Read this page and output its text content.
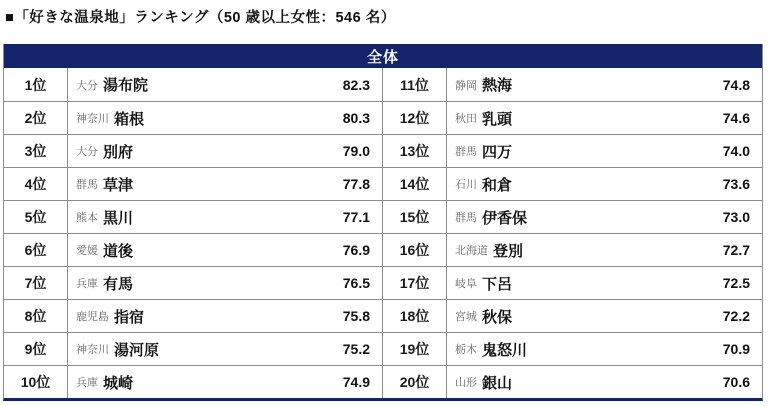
■「好きな温泉地」ランキング（50 歳以上女性：546 名）
全体
1位	大分 湯布院	82.3	11位	静岡 熱海	74.8
2位	神奈川 箱根	80.3	12位	秋田 乳頭	74.6
3位	大分 別府	79.0	13位	群馬 四万	74.0
4位	群馬 草津	77.8	14位	石川 和倉	73.6
5位	熊本 黒川	77.1	15位	群馬 伊香保	73.0
6位	愛媛 道後	76.9	16位	北海道 登別	72.7
7位	兵庫 有馬	76.5	17位	岐阜 下呂	72.5
8位	鹿児島 指宿	75.8	18位	宮城 秋保	72.2
9位	神奈川 湯河原	75.2	19位	栃木 鬼怒川	70.9
10位	兵庫 城崎	74.9	20位	山形 銀山	70.6
